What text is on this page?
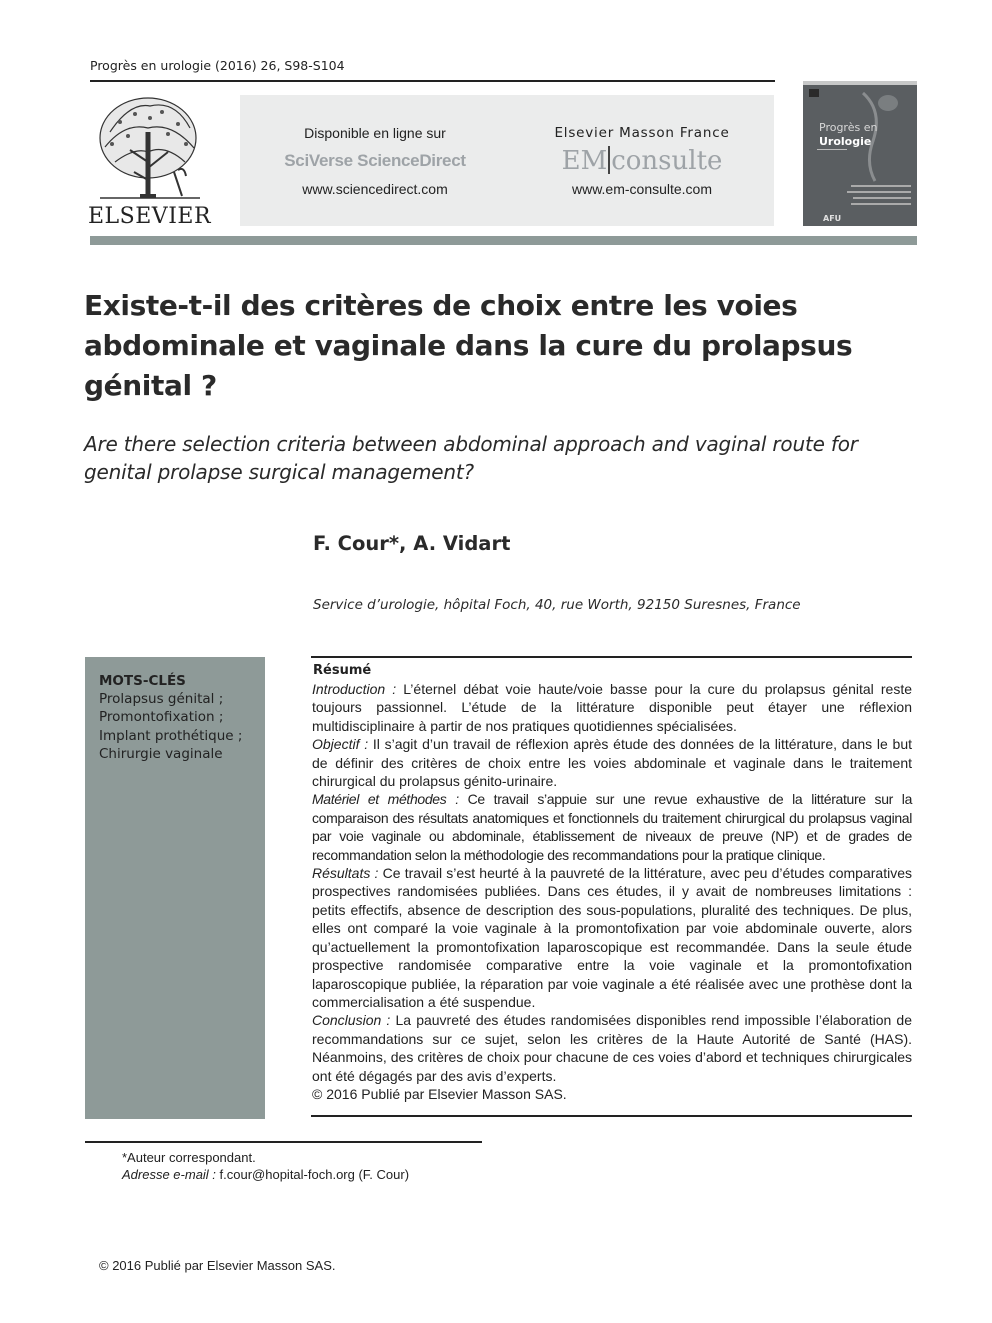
Progrès en urologie (2016) 26, S98-S104
ELSEVIER
Disponible en ligne sur
SciVerse ScienceDirect
www.sciencedirect.com
Elsevier Masson France
EM consulte
www.em-consulte.com
Progrès en
Urologie
AFU
Existe-t-il des critères de choix entre les voies abdominale et vaginale dans la cure du prolapsus génital ?
Are there selection criteria between abdominal approach and vaginal route for genital prolapse surgical management?
F. Cour*, A. Vidart
Service d’urologie, hôpital Foch, 40, rue Worth, 92150 Suresnes, France
MOTS-CLÉS
Prolapsus génital ;
Promontofixation ;
Implant prothétique ;
Chirurgie vaginale
Résumé

Introduction : L’éternel débat voie haute/voie basse pour la cure du prolapsus génital reste toujours passionnel. L’étude de la littérature disponible peut étayer une réflexion multidisciplinaire à partir de nos pratiques quotidiennes spécialisées.

Objectif : Il s’agit d’un travail de réflexion après étude des données de la littérature, dans le but de définir des critères de choix entre les voies abdominale et vaginale dans le traitement chirurgical du prolapsus génito-urinaire.

Matériel et méthodes : Ce travail s’appuie sur une revue exhaustive de la littérature sur la comparaison des résultats anatomiques et fonctionnels du traitement chirurgical du prolapsus vaginal par voie vaginale ou abdominale, établissement de niveaux de preuve (NP) et de grades de recommandation selon la méthodologie des recommandations pour la pratique clinique.

Résultats : Ce travail s’est heurté à la pauvreté de la littérature, avec peu d’études comparatives prospectives randomisées publiées. Dans ces études, il y avait de nombreuses limitations : petits effectifs, absence de description des sous-populations, pluralité des techniques. De plus, elles ont comparé la voie vaginale à la promontofixation par voie abdominale ouverte, alors qu’actuellement la promontofixation laparoscopique est recommandée. Dans la seule étude prospective randomisée comparative entre la voie vaginale et la promontofixation laparoscopique publiée, la réparation par voie vaginale a été réalisée avec une prothèse dont la commercialisation a été suspendue.

Conclusion : La pauvreté des études randomisées disponibles rend impossible l’élaboration de recommandations sur ce sujet, selon les critères de la Haute Autorité de Santé (HAS). Néanmoins, des critères de choix pour chacune de ces voies d’abord et techniques chirurgicales ont été dégagés par des avis d’experts.

© 2016 Publié par Elsevier Masson SAS.

*Auteur correspondant.
Adresse e-mail : f.cour@hopital-foch.org (F. Cour)
© 2016 Publié par Elsevier Masson SAS.
